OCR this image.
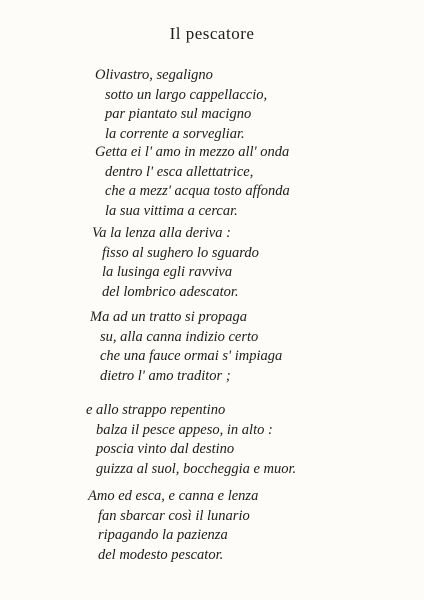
Il pescatore
Olivastro, segaligno
sotto un largo cappellaccio,
par piantato sul macigno
la corrente a sorvegliar.
Getta ei l' amo in mezzo all' onda
dentro l' esca allettatrice,
che a mezz' acqua tosto affonda
la sua vittima a cercar.
Va la lenza alla deriva :
fisso al sughero lo sguardo
la lusinga egli ravviva
del lombrico adescator.
Ma ad un tratto si propaga
su, alla canna indizio certo
che una fauce ormai s' impiaga
dietro l' amo traditor ;
e allo strappo repentino
balza il pesce appeso, in alto :
poscia vinto dal destino
guizza al suol, boccheggia e muor.
Amo ed esca, e canna e lenza
fan sbarcar così il lunario
ripagando la pazienza
del modesto pescator.
